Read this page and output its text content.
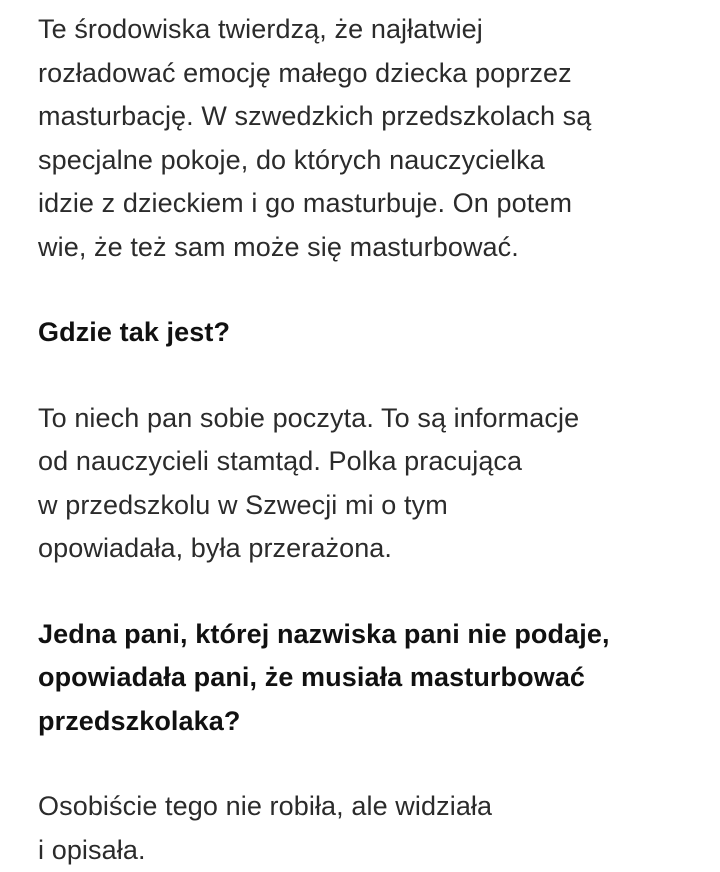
Te środowiska twierdzą, że najłatwiej
rozładować emocję małego dziecka poprzez
masturbację. W szwedzkich przedszkolach są
specjalne pokoje, do których nauczycielka
idzie z dzieckiem i go masturbuje. On potem
wie, że też sam może się masturbować.

Gdzie tak jest?

To niech pan sobie poczyta. To są informacje
od nauczycieli stamtąd. Polka pracująca
w przedszkolu w Szwecji mi o tym
opowiadała, była przerażona.

Jedna pani, której nazwiska pani nie podaje,
opowiadała pani, że musiała masturbować
przedszkolaka?

Osobiście tego nie robiła, ale widziała
i opisała.
